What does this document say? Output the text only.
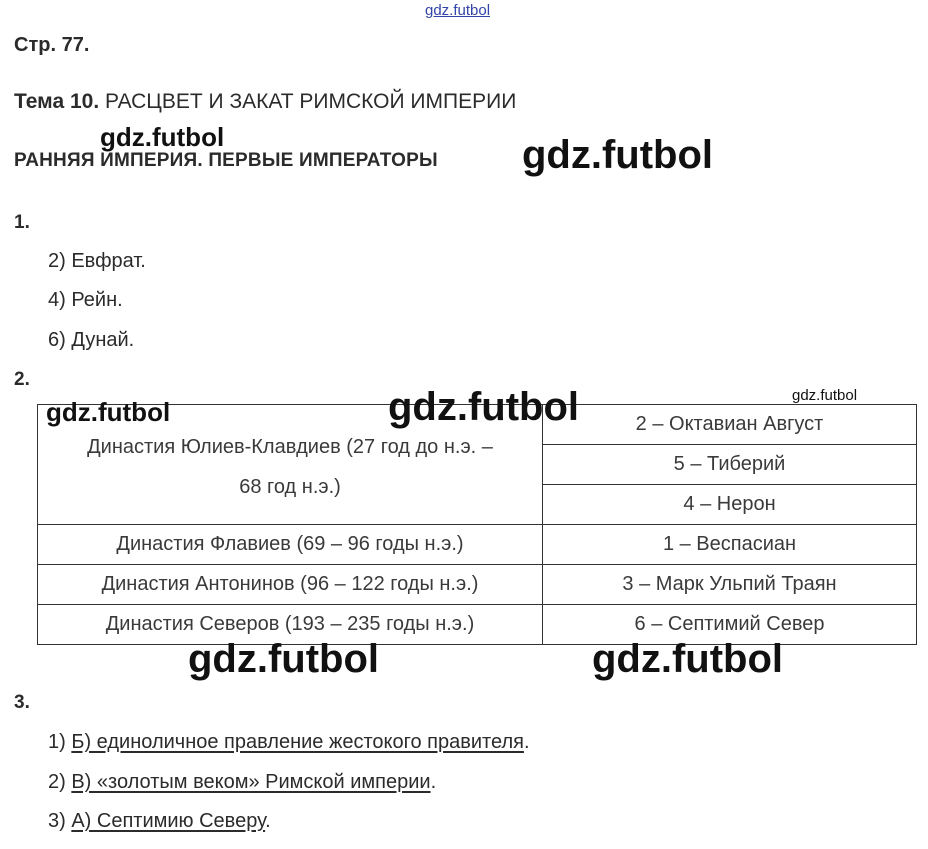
gdz.futbol
Стр. 77.
Тема 10. РАСЦВЕТ И ЗАКАТ РИМСКОЙ ИМПЕРИИ
gdz.futbol
РАННЯЯ ИМПЕРИЯ. ПЕРВЫЕ ИМПЕРАТОРЫ gdz.futbol
1.
2) Евфрат.
4) Рейн.
6) Дунай.
2.
gdz.futbol
Династия Юлиев-Клавдиев (27 год до н.э. –
68 год н.э.)	2 – Октавиан Август
	5 – Тиберий
	4 – Нерон
Династия Флавиев (69 – 96 годы н.э.)	1 – Веспасиан
Династия Антонинов (96 – 122 годы н.э.)	3 – Марк Ульпий Траян
Династия Северов (193 – 235 годы н.э.)	6 – Септимий Север
gdz.futbol	gdz.futbol
gdz.futbol	gdz.futbol
3.
1) Б) единоличное правление жестокого правителя.
2) В) «золотым веком» Римской империи.
3) А) Септимию Северу.
